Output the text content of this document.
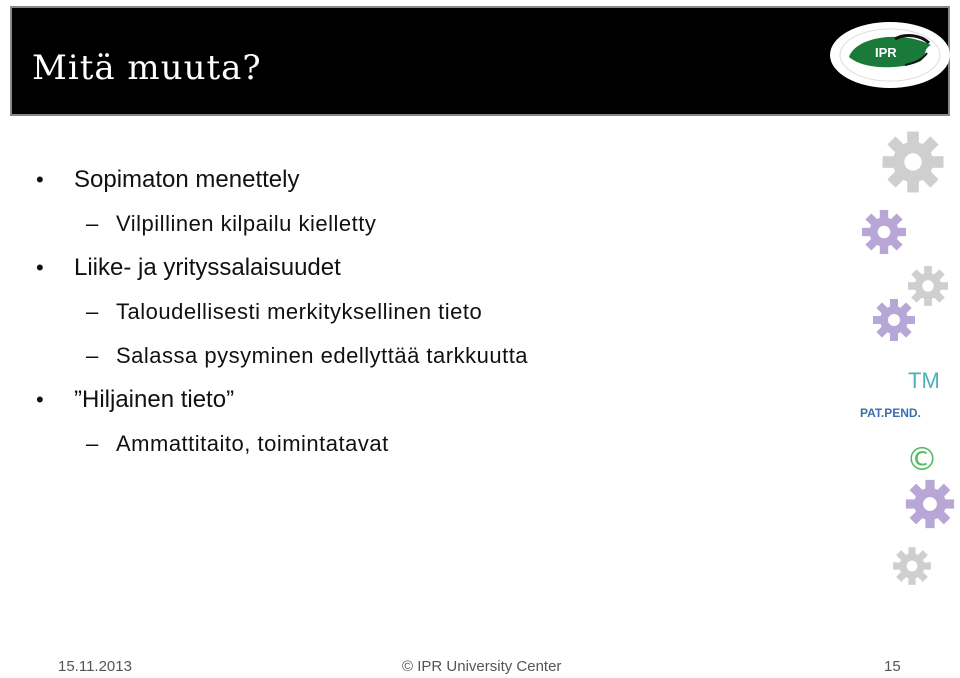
Mitä muuta?	IPR
• Sopimaton menettely
– Vilpillinen kilpailu kielletty
• Liike- ja yrityssalaisuudet
– Taloudellisesti merkityksellinen tieto
– Salassa pysyminen edellyttää tarkkuutta
• ”Hiljainen tieto”
– Ammattitaito, toimintatavat
TM
PAT.PEND.
©
15.11.2013	© IPR University Center	15
